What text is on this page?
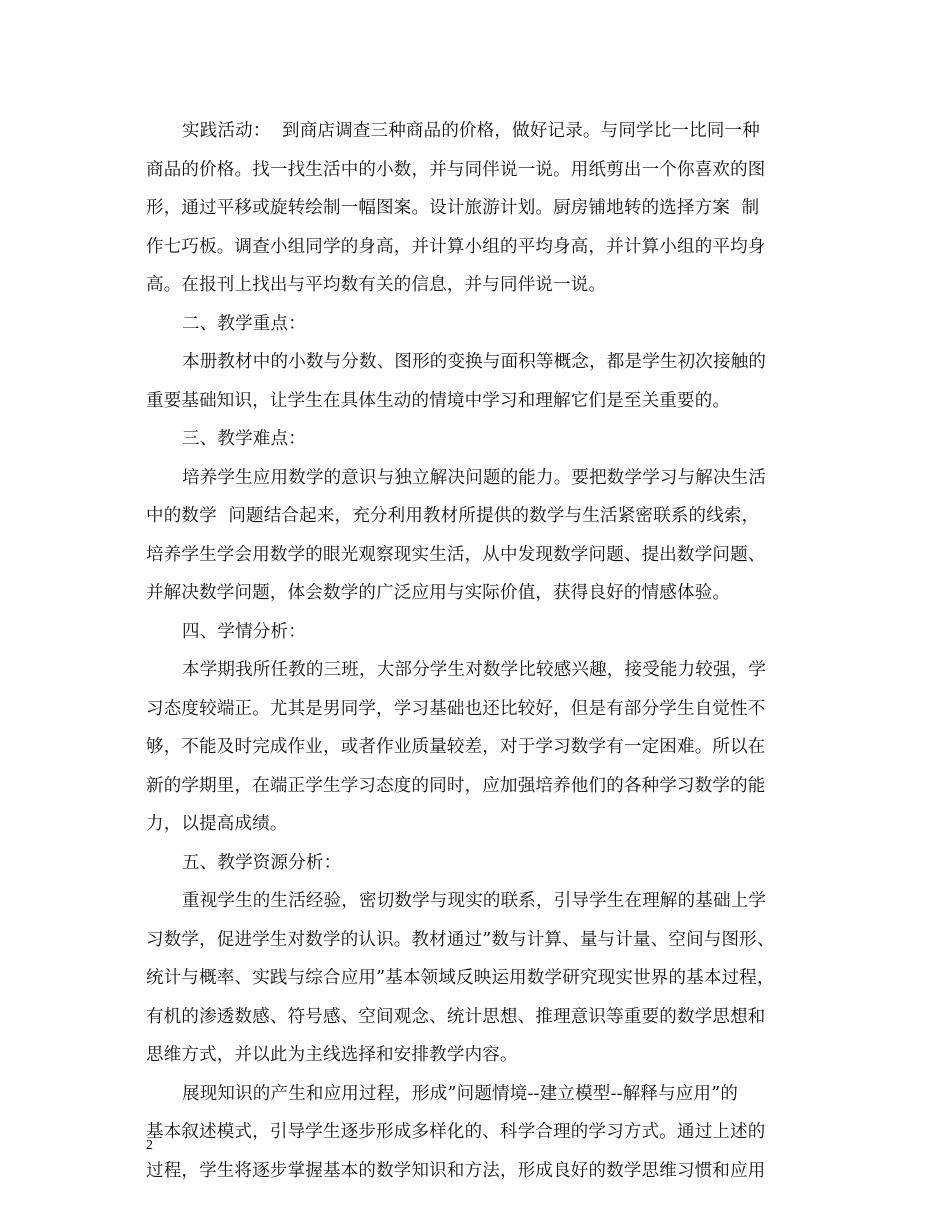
实践活动：  到商店调查三种商品的价格，做好记录。与同学比一比同一种
商品的价格。找一找生活中的小数，并与同伴说一说。用纸剪出一个你喜欢的图
形，通过平移或旋转绘制一幅图案。设计旅游计划。厨房铺地转的选择方案  制
作七巧板。调查小组同学的身高，并计算小组的平均身高，并计算小组的平均身
高。在报刊上找出与平均数有关的信息，并与同伴说一说。
二、教学重点：
本册教材中的小数与分数、图形的变换与面积等概念，都是学生初次接触的
重要基础知识，让学生在具体生动的情境中学习和理解它们是至关重要的。
三、教学难点：
培养学生应用数学的意识与独立解决问题的能力。要把数学学习与解决生活
中的数学  问题结合起来，充分利用教材所提供的数学与生活紧密联系的线索，
培养学生学会用数学的眼光观察现实生活，从中发现数学问题、提出数学问题、
并解决数学问题，体会数学的广泛应用与实际价值，获得良好的情感体验。
四、学情分析：
本学期我所任教的三班，大部分学生对数学比较感兴趣，接受能力较强，学
习态度较端正。尤其是男同学，学习基础也还比较好，但是有部分学生自觉性不
够，不能及时完成作业，或者作业质量较差，对于学习数学有一定困难。所以在
新的学期里，在端正学生学习态度的同时，应加强培养他们的各种学习数学的能
力，以提高成绩。
五、教学资源分析：
重视学生的生活经验，密切数学与现实的联系，引导学生在理解的基础上学
习数学，促进学生对数学的认识。教材通过”数与计算、量与计量、空间与图形、
统计与概率、实践与综合应用”基本领域反映运用数学研究现实世界的基本过程，
有机的渗透数感、符号感、空间观念、统计思想、推理意识等重要的数学思想和
思维方式，并以此为主线选择和安排教学内容。
展现知识的产生和应用过程，形成”问题情境--建立模型--解释与应用”的
基本叙述模式，引导学生逐步形成多样化的、科学合理的学习方式。通过上述的
过程，学生将逐步掌握基本的数学知识和方法，形成良好的数学思维习惯和应用
2
